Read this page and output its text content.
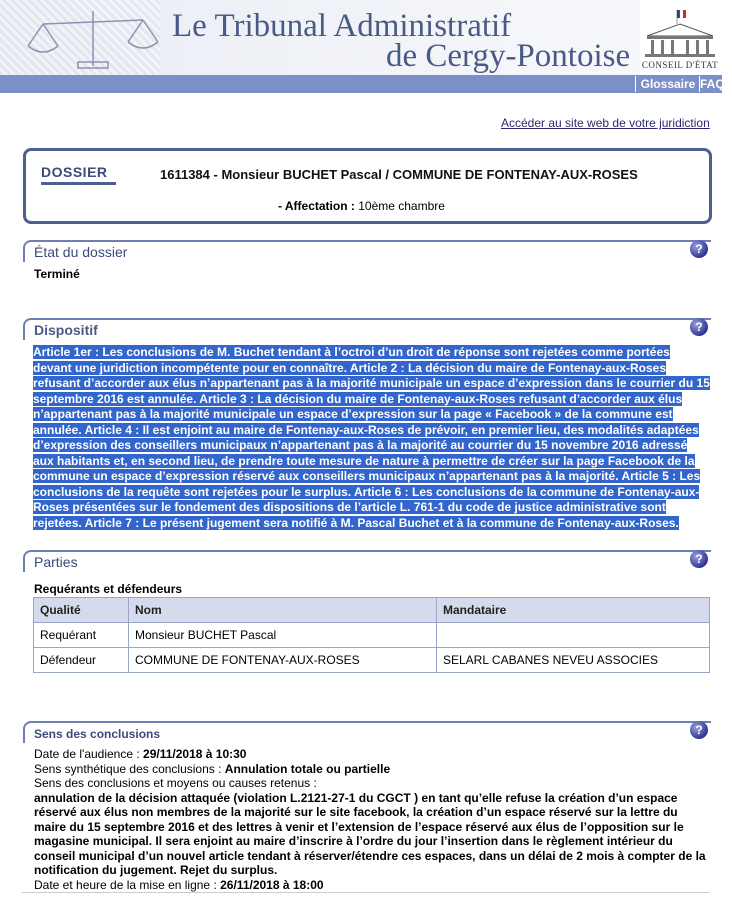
Le Tribunal Administratif
de Cergy-Pontoise	CONSEIL D'ÉTAT
Glossaire FAQ
Accéder au site web de votre juridiction
DOSSIER	1611384 - Monsieur BUCHET Pascal / COMMUNE DE FONTENAY-AUX-ROSES
- Affectation : 10ème chambre
État du dossier	?
Terminé
Dispositif	?
Article 1er : Les conclusions de M. Buchet tendant à l’octroi d’un droit de réponse sont rejetées comme portées devant une juridiction incompétente pour en connaître. Article 2 : La décision du maire de Fontenay-aux-Roses refusant d’accorder aux élus n’appartenant pas à la majorité municipale un espace d’expression dans le courrier du 15 septembre 2016 est annulée. Article 3 : La décision du maire de Fontenay-aux-Roses refusant d’accorder aux élus n’appartenant pas à la majorité municipale un espace d’expression sur la page « Facebook » de la commune est annulée. Article 4 : Il est enjoint au maire de Fontenay-aux-Roses de prévoir, en premier lieu, des modalités adaptées d’expression des conseillers municipaux n’appartenant pas à la majorité au courrier du 15 novembre 2016 adressé aux habitants et, en second lieu, de prendre toute mesure de nature à permettre de créer sur la page Facebook de la commune un espace d’expression réservé aux conseillers municipaux n’appartenant pas à la majorité. Article 5 : Les conclusions de la requête sont rejetées pour le surplus. Article 6 : Les conclusions de la commune de Fontenay-aux-Roses présentées sur le fondement des dispositions de l’article L. 761-1 du code de justice administrative sont rejetées. Article 7 : Le présent jugement sera notifié à M. Pascal Buchet et à la commune de Fontenay-aux-Roses.
Parties	?
Requérants et défendeurs
Qualité	Nom	Mandataire
Requérant	Monsieur BUCHET Pascal	
Défendeur	COMMUNE DE FONTENAY-AUX-ROSES	SELARL CABANES NEVEU ASSOCIES
Sens des conclusions	?
Date de l'audience : 29/11/2018 à 10:30
Sens synthétique des conclusions : Annulation totale ou partielle
Sens des conclusions et moyens ou causes retenus :
annulation de la décision attaquée (violation L.2121-27-1 du CGCT ) en tant qu’elle refuse la création d’un espace réservé aux élus non membres de la majorité sur le site facebook, la création d’un espace réservé sur la lettre du maire du 15 septembre 2016 et des lettres à venir et l’extension de l’espace réservé aux élus de l’opposition sur le magasine municipal. Il sera enjoint au maire d’inscrire à l’ordre du jour l’insertion dans le règlement intérieur du conseil municipal d’un nouvel article tendant à réserver/étendre ces espaces, dans un délai de 2 mois à compter de la notification du jugement. Rejet du surplus.
Date et heure de la mise en ligne : 26/11/2018 à 18:00
